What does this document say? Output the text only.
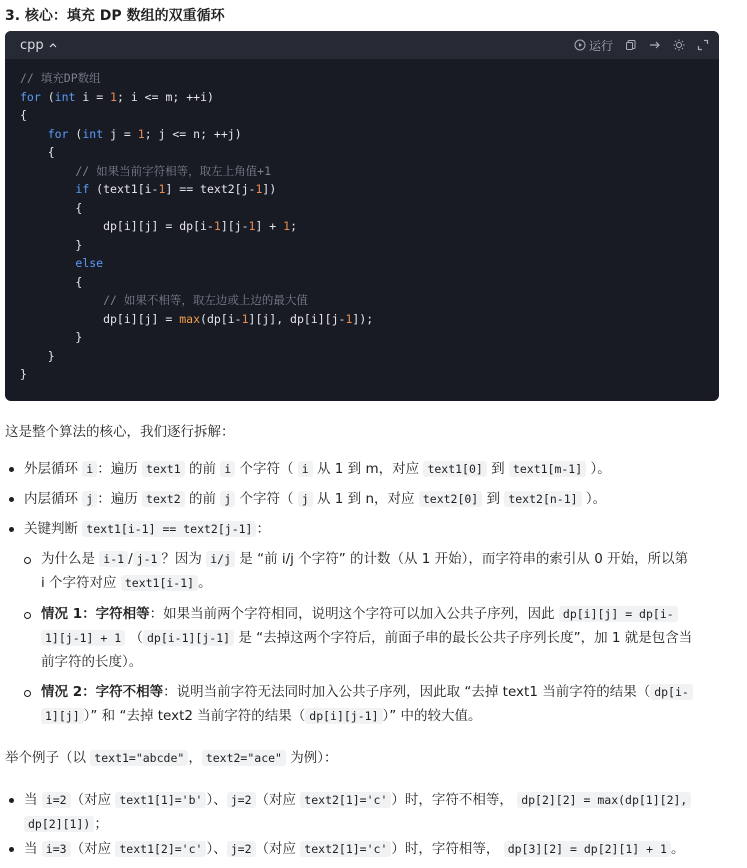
3. 核心：填充 DP 数组的双重循环
cpp	运行
// 填充DP数组
for (int i = 1; i <= m; ++i)
{
for (int j = 1; j <= n; ++j)
{
// 如果当前字符相等，取左上角值+1
if (text1[i-1] == text2[j-1])
{
dp[i][j] = dp[i-1][j-1] + 1;
}
else
{
// 如果不相等，取左边或上边的最大值
dp[i][j] = max(dp[i-1][j], dp[i][j-1]);
}
}
}
这是整个算法的核心，我们逐行拆解：
外层循环 i ：遍历 text1 的前 i 个字符（ i 从 1 到 m，对应 text1[0] 到 text1[m-1] ）。
内层循环 j ：遍历 text2 的前 j 个字符（ j 从 1 到 n，对应 text2[0] 到 text2[n-1] ）。
关键判断 text1[i-1] == text2[j-1] ：
为什么是 i-1 / j-1 ？因为 i/j 是 “前 i/j 个字符” 的计数（从 1 开始），而字符串的索引从 0 开始，所以第
i 个字符对应 text1[i-1] 。
情况 1：字符相等：如果当前两个字符相同，说明这个字符可以加入公共子序列，因此 dp[i][j] = dp[i-
1][j-1] + 1 （ dp[i-1][j-1] 是 “去掉这两个字符后，前面子串的最长公共子序列长度”，加 1 就是包含当
前字符的长度）。
情况 2：字符不相等：说明当前字符无法同时加入公共子序列，因此取 “去掉 text1 当前字符的结果（ dp[i-
1][j] ）” 和 “去掉 text2 当前字符的结果（ dp[i][j-1] ）” 中的较大值。
举个例子（以 text1="abcde" ， text2="ace" 为例）：
当 i=2 （对应 text1[1]='b' ）、 j=2 （对应 text2[1]='c' ）时，字符不相等， dp[2][2] = max(dp[1][2],
dp[2][1]) ；
当 i=3 （对应 text1[2]='c' ）、 j=2 （对应 text2[1]='c' ）时，字符相等， dp[3][2] = dp[2][1] + 1 。
